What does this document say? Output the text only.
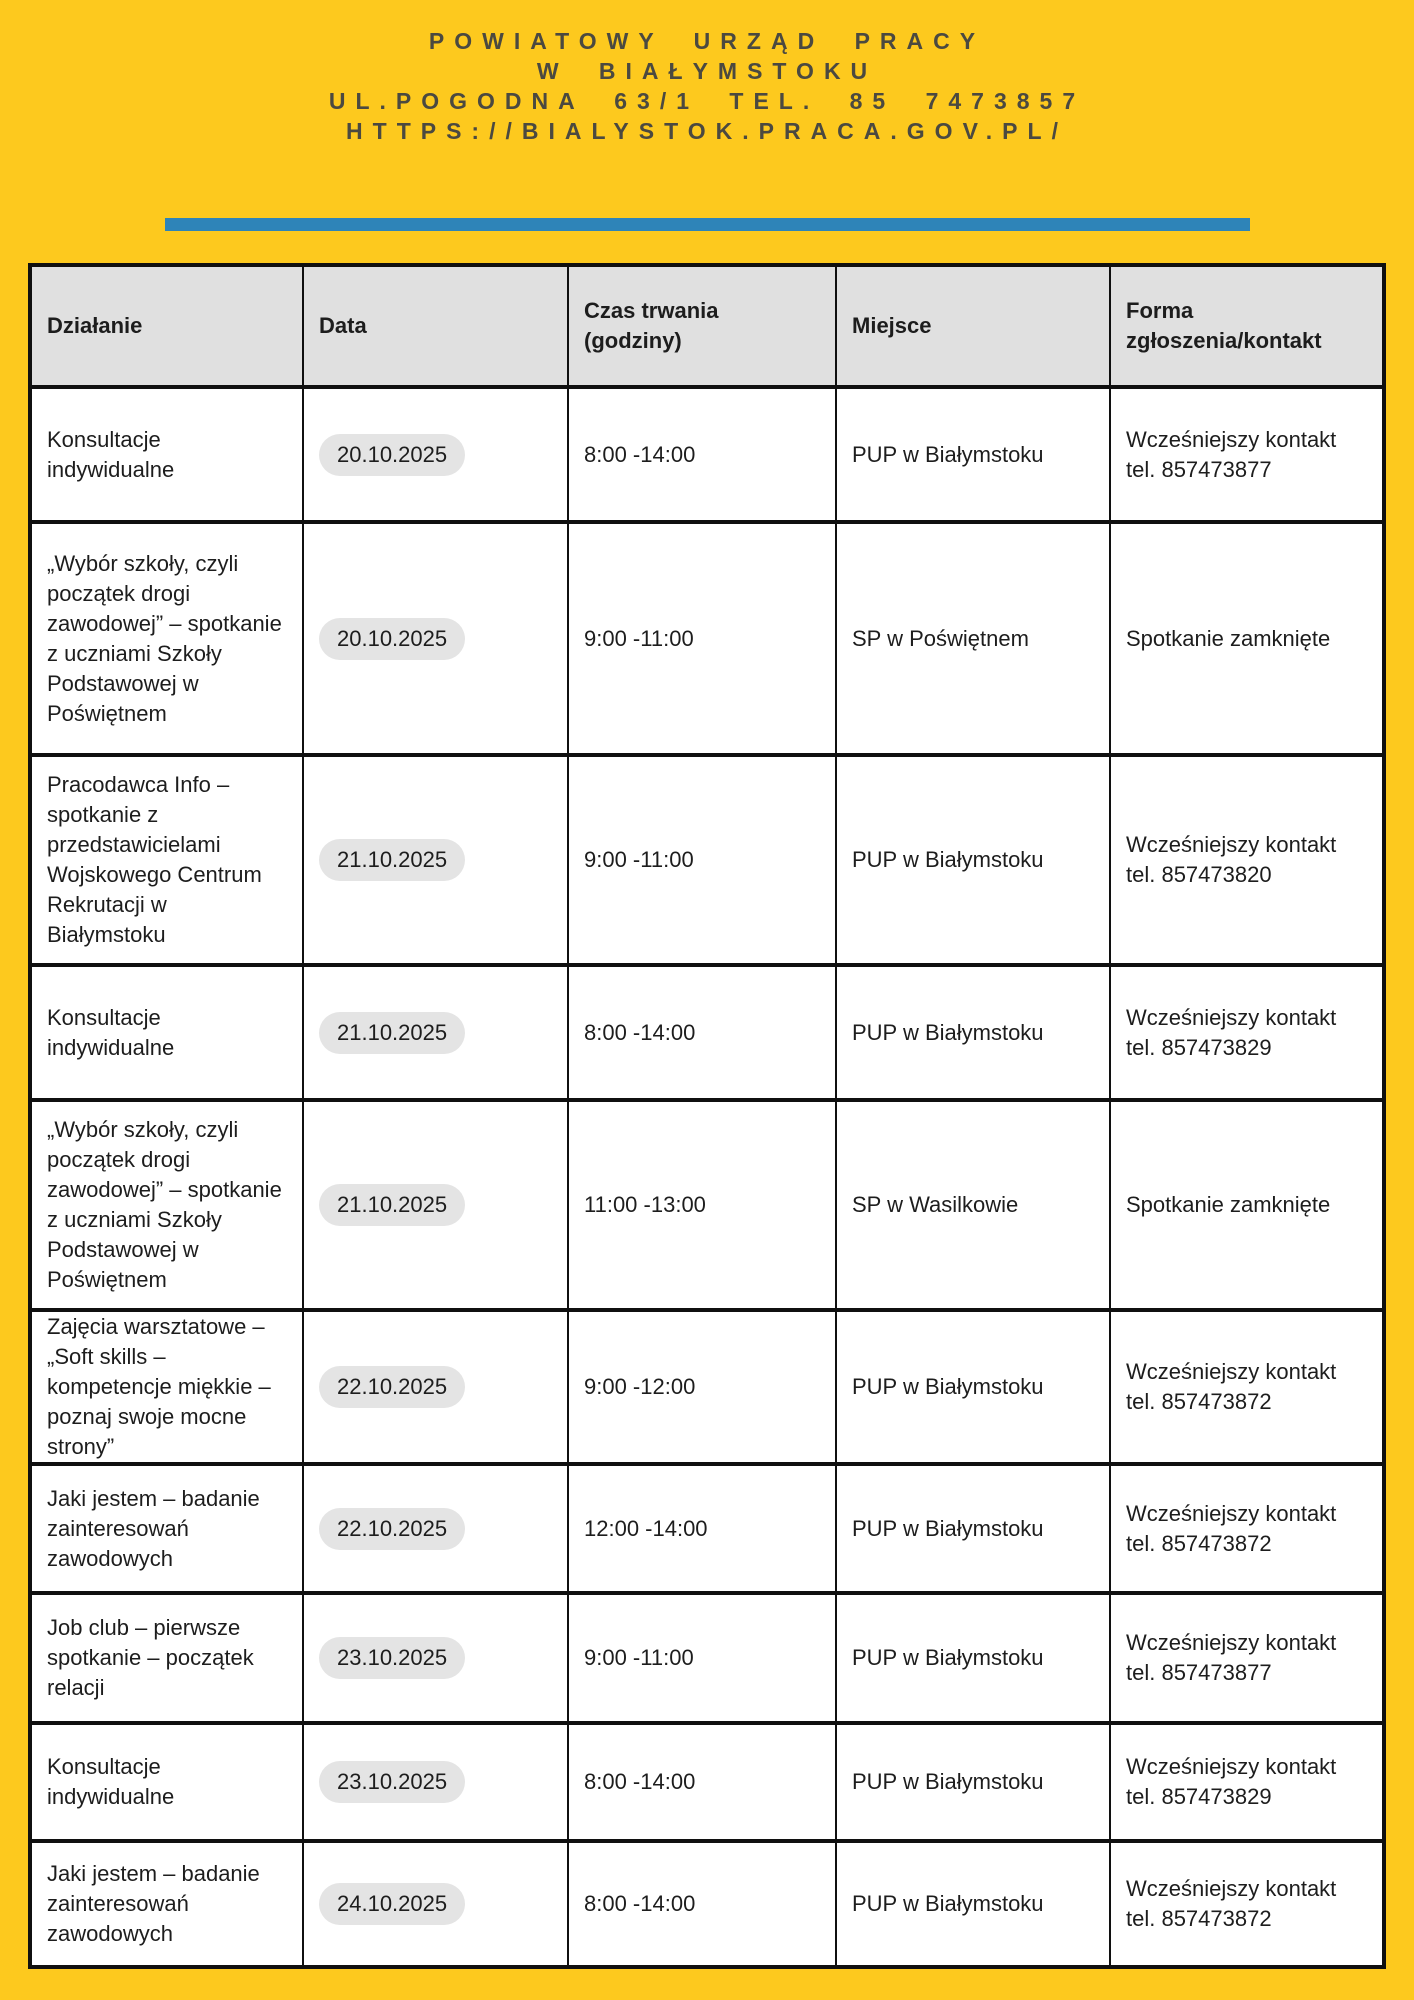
POWIATOWY URZĄD PRACY
W BIAŁYMSTOKU
UL.POGODNA 63/1 TEL. 85 7473857
HTTPS://BIALYSTOK.PRACA.GOV.PL/
Działanie	Data	Czas trwania (godziny)	Miejsce	Forma zgłoszenia/kontakt
Konsultacje indywidualne	20.10.2025	8:00 -14:00	PUP w Białymstoku	Wcześniejszy kontakt tel. 857473877
„Wybór szkoły, czyli początek drogi zawodowej” – spotkanie z uczniami Szkoły Podstawowej w Poświętnem	20.10.2025	9:00 -11:00	SP w Poświętnem	Spotkanie zamknięte
Pracodawca Info – spotkanie z przedstawicielami Wojskowego Centrum Rekrutacji w Białymstoku	21.10.2025	9:00 -11:00	PUP w Białymstoku	Wcześniejszy kontakt tel. 857473820
Konsultacje indywidualne	21.10.2025	8:00 -14:00	PUP w Białymstoku	Wcześniejszy kontakt tel. 857473829
„Wybór szkoły, czyli początek drogi zawodowej” – spotkanie z uczniami Szkoły Podstawowej w Poświętnem	21.10.2025	11:00 -13:00	SP w Wasilkowie	Spotkanie zamknięte
Zajęcia warsztatowe – „Soft skills – kompetencje miękkie – poznaj swoje mocne strony”	22.10.2025	9:00 -12:00	PUP w Białymstoku	Wcześniejszy kontakt tel. 857473872
Jaki jestem – badanie zainteresowań zawodowych	22.10.2025	12:00 -14:00	PUP w Białymstoku	Wcześniejszy kontakt tel. 857473872
Job club – pierwsze spotkanie – początek relacji	23.10.2025	9:00 -11:00	PUP w Białymstoku	Wcześniejszy kontakt tel. 857473877
Konsultacje indywidualne	23.10.2025	8:00 -14:00	PUP w Białymstoku	Wcześniejszy kontakt tel. 857473829
Jaki jestem – badanie zainteresowań zawodowych	24.10.2025	8:00 -14:00	PUP w Białymstoku	Wcześniejszy kontakt tel. 857473872
